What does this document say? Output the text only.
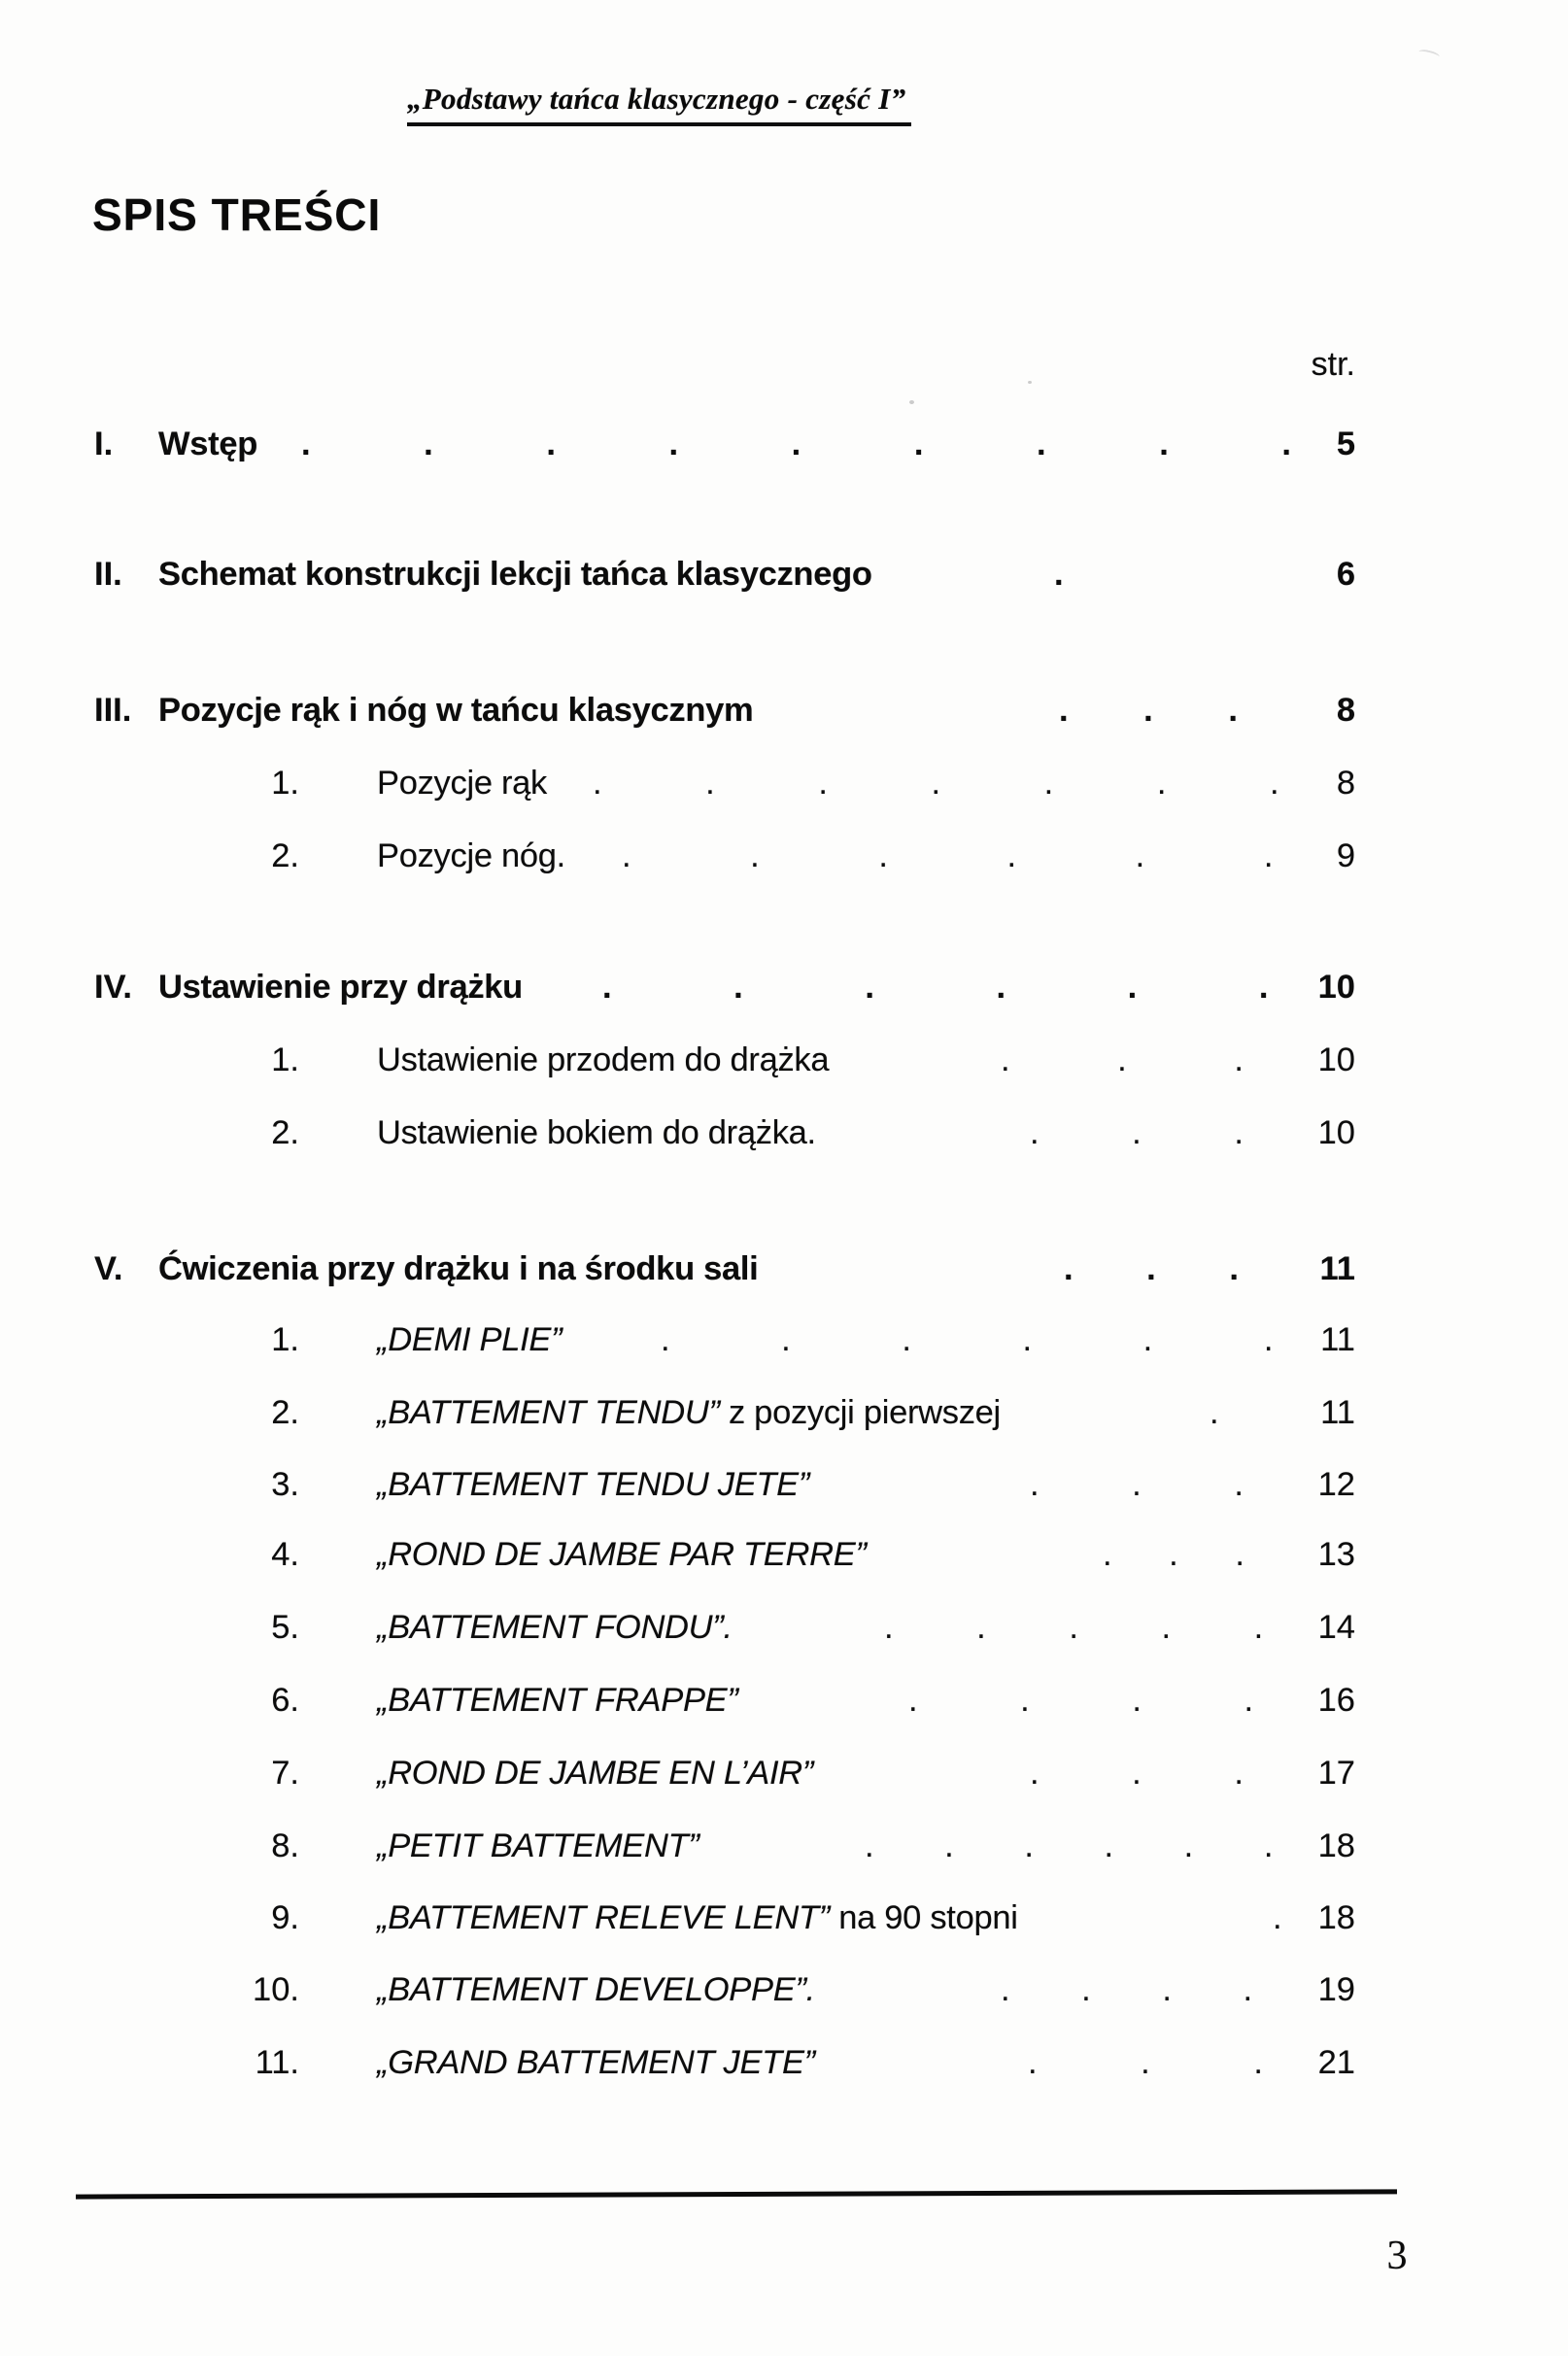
„Podstawy tańca klasycznego - część I”
SPIS TREŚCI
str.
I. Wstęp . . . . . . . . .	5
II. Schemat konstrukcji lekcji tańca klasycznego	.	6
III. Pozycje rąk i nóg w tańcu klasycznym	. . .	8
1. Pozycje rąk . . . . . . .	8
2. Pozycje nóg. . . . . . .	9
IV. Ustawienie przy drążku . . . . . .	10
1. Ustawienie przodem do drążka	. . .	10
2. Ustawienie bokiem do drążka.	. . .	10
V. Ćwiczenia przy drążku i na środku sali	. . .	11
1. „DEMI PLIE”	. . . . . .	11
2. „BATTEMENT TENDU” z pozycji pierwszej	.	11
3. „BATTEMENT TENDU JETE”	. . .	12
4. „ROND DE JAMBE PAR TERRE”	. . .	13
5. „BATTEMENT FONDU”.	. . . . .	14
6. „BATTEMENT FRAPPE”	. . . .	16
7. „ROND DE JAMBE EN L’AIR”	. . .	17
8. „PETIT BATTEMENT”	. . . . . .	18
9. „BATTEMENT RELEVE LENT” na 90 stopni	.	18
10. „BATTEMENT DEVELOPPE”.	. . . .	19
11. „GRAND BATTEMENT JETE”	. . .	21
3
